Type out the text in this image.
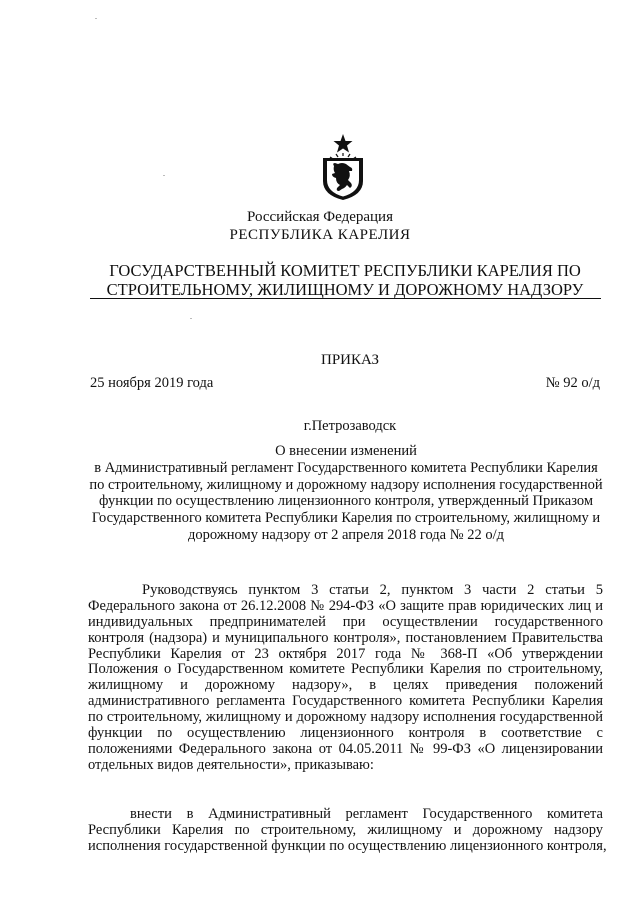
Российская Федерация
РЕСПУБЛИКА КАРЕЛИЯ
ГОСУДАРСТВЕННЫЙ КОМИТЕТ РЕСПУБЛИКИ КАРЕЛИЯ ПО
СТРОИТЕЛЬНОМУ, ЖИЛИЩНОМУ И ДОРОЖНОМУ НАДЗОРУ
ПРИКАЗ
25 ноября 2019 года	№ 92 о/д
г.Петрозаводск
О внесении изменений
в Административный регламент Государственного комитета Республики Карелия
по строительному, жилищному и дорожному надзору исполнения государственной
функции по осуществлению лицензионного контроля, утвержденный Приказом
Государственного комитета Республики Карелия по строительному, жилищному и
дорожному надзору от 2 апреля 2018 года № 22 о/д
Руководствуясь пунктом 3 статьи 2, пунктом 3 части 2 статьи 5
Федерального закона от 26.12.2008 № 294-ФЗ «О защите прав юридических лиц и
индивидуальных предпринимателей при осуществлении государственного
контроля (надзора) и муниципального контроля», постановлением Правительства
Республики Карелия от 23 октября 2017 года № 368-П «Об утверждении
Положения о Государственном комитете Республики Карелия по строительному,
жилищному и дорожному надзору», в целях приведения положений
административного регламента Государственного комитета Республики Карелия
по строительному, жилищному и дорожному надзору исполнения государственной
функции по осуществлению лицензионного контроля в соответствие с
положениями Федерального закона от 04.05.2011 № 99-ФЗ «О лицензировании
отдельных видов деятельности», приказываю:
внести в Административный регламент Государственного комитета
Республики Карелия по строительному, жилищному и дорожному надзору
исполнения государственной функции по осуществлению лицензионного контроля,
